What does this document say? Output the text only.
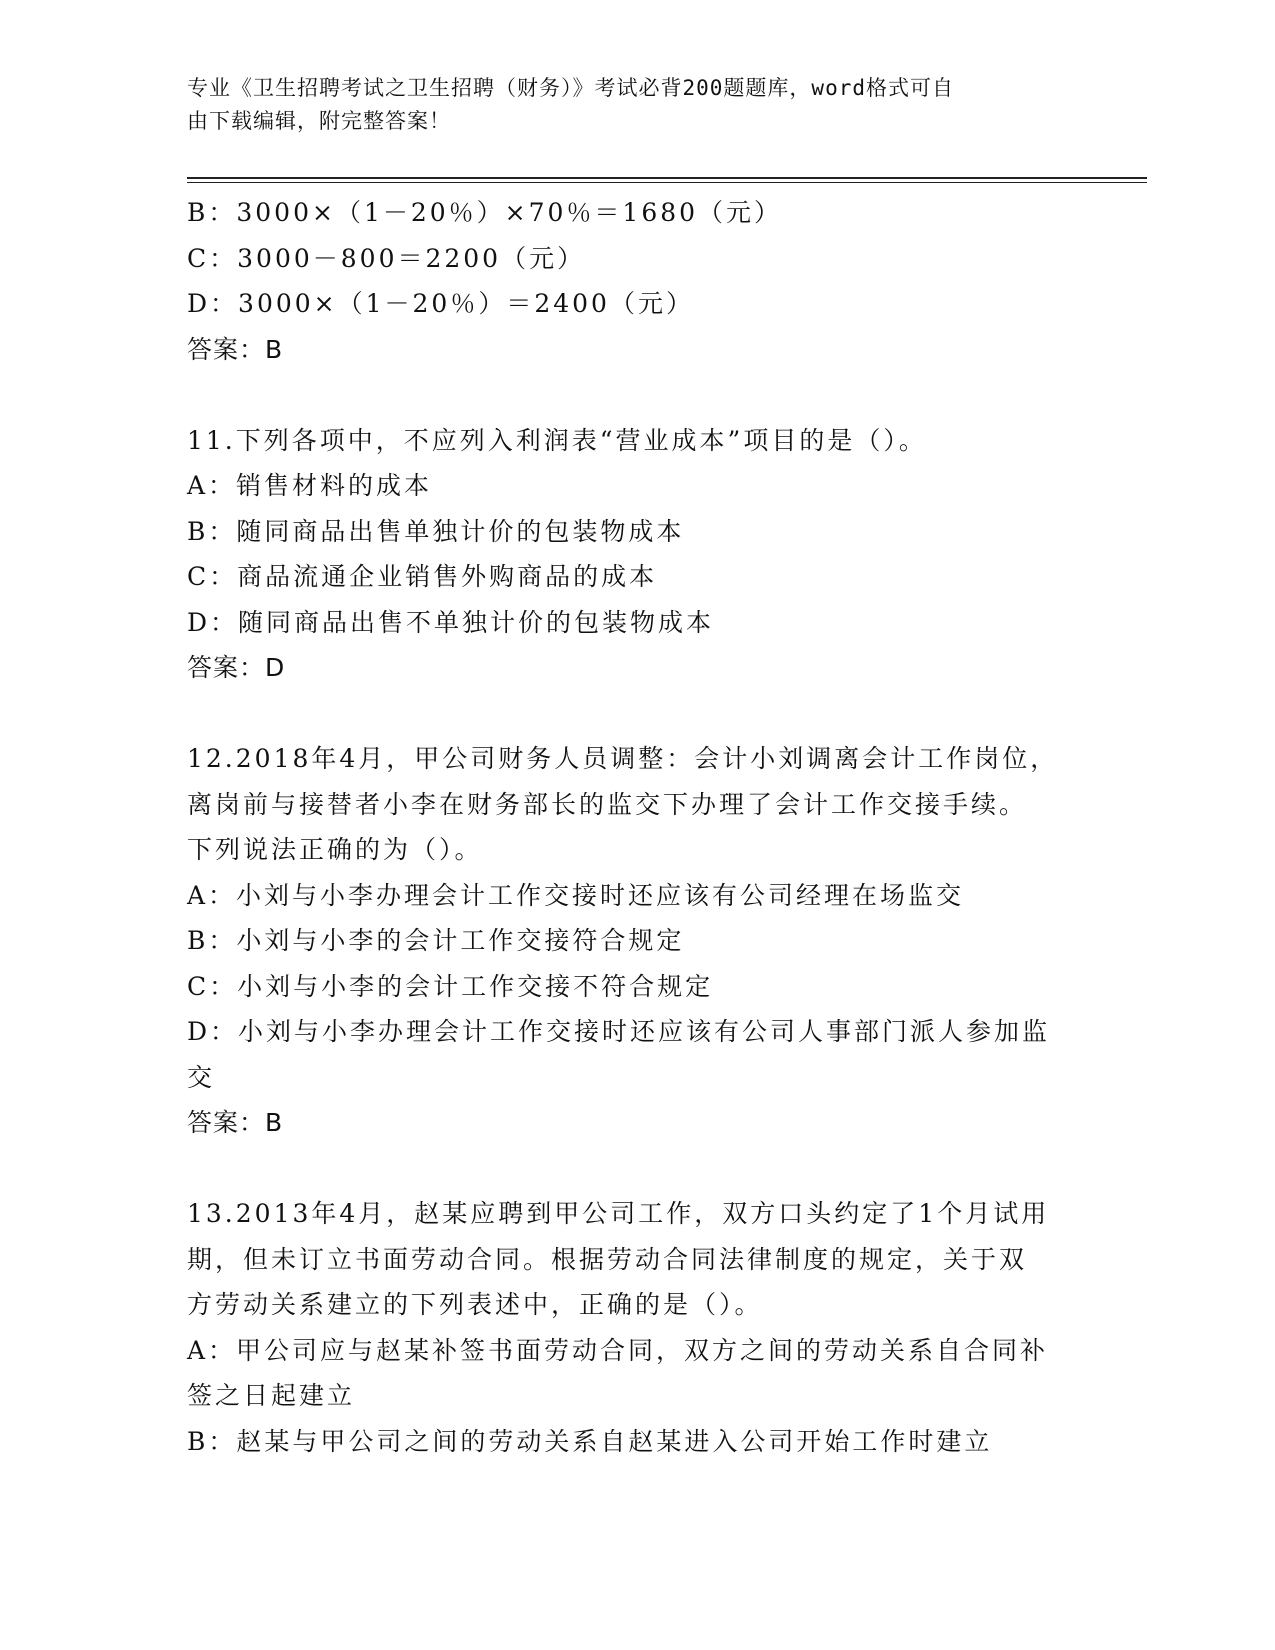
专业《卫生招聘考试之卫生招聘（财务）》考试必背200题题库，word格式可自
由下载编辑，附完整答案！
B：3000×（1－20％）×70％＝1680（元）
C：3000－800＝2200（元）
D：3000×（1－20％）＝2400（元）
答案：B
11.下列各项中，不应列入利润表“营业成本”项目的是（）。
A：销售材料的成本
B：随同商品出售单独计价的包装物成本
C：商品流通企业销售外购商品的成本
D：随同商品出售不单独计价的包装物成本
答案：D
12.2018年4月，甲公司财务人员调整：会计小刘调离会计工作岗位，
离岗前与接替者小李在财务部长的监交下办理了会计工作交接手续。
下列说法正确的为（）。
A：小刘与小李办理会计工作交接时还应该有公司经理在场监交
B：小刘与小李的会计工作交接符合规定
C：小刘与小李的会计工作交接不符合规定
D：小刘与小李办理会计工作交接时还应该有公司人事部门派人参加监
交
答案：B
13.2013年4月，赵某应聘到甲公司工作，双方口头约定了1个月试用
期，但未订立书面劳动合同。根据劳动合同法律制度的规定，关于双
方劳动关系建立的下列表述中，正确的是（）。
A：甲公司应与赵某补签书面劳动合同，双方之间的劳动关系自合同补
签之日起建立
B：赵某与甲公司之间的劳动关系自赵某进入公司开始工作时建立
